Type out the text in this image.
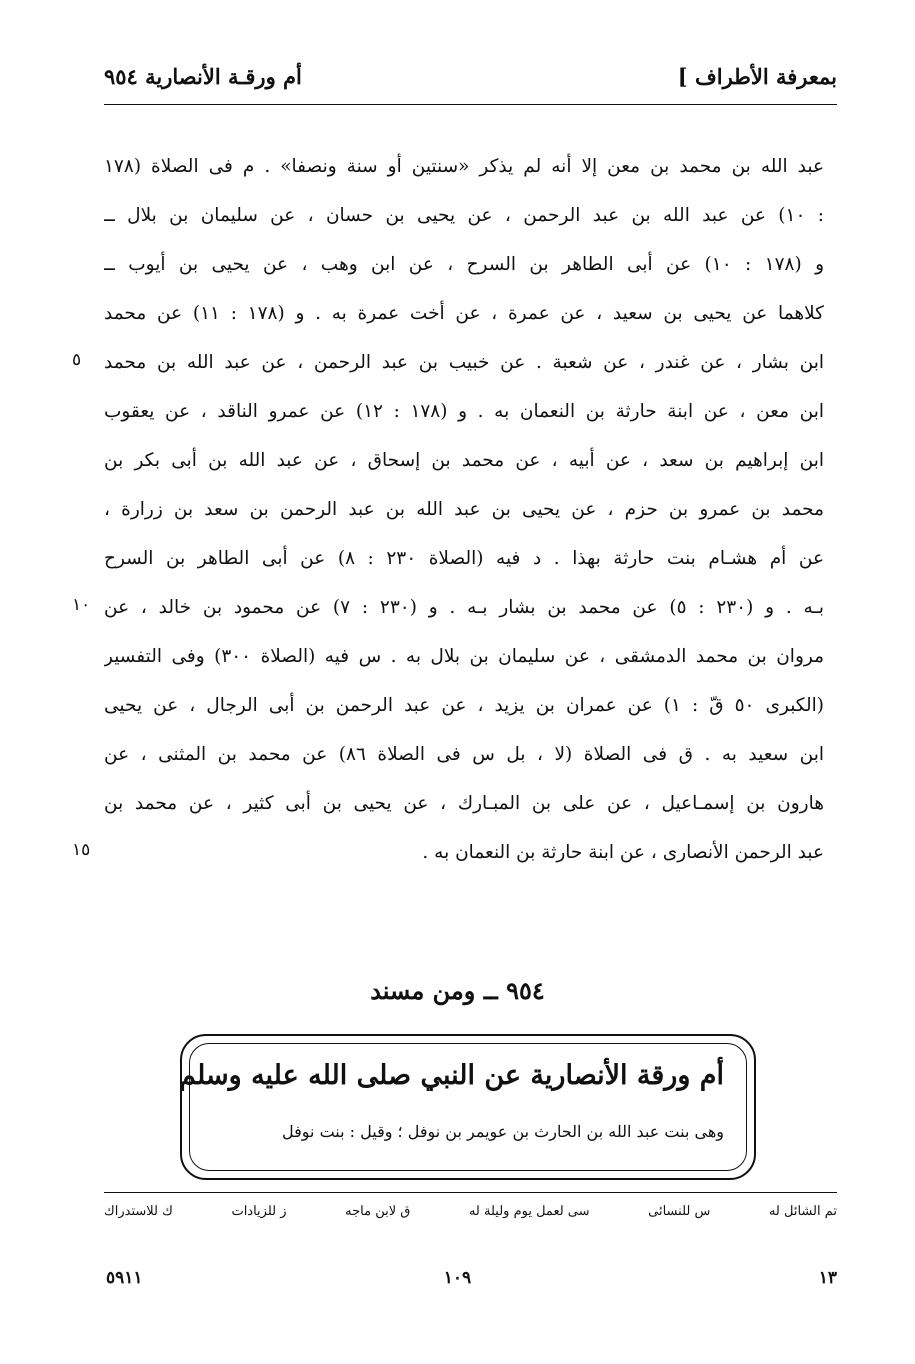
بمعرفة الأطراف ]
أم ورقـة الأنصارية ٩٥٤
عبد الله بن محمد بن معن إلا أنه لم يذكر «سنتين أو سنة ونصفا» . م فى الصلاة (١٧٨
: ١٠) عن عبد الله بن عبد الرحمن ، عن يحيى بن حسان ، عن سليمان بن بلال ــ
و (١٧٨ : ١٠) عن أبى الطاهر بن السرح ، عن ابن وهب ، عن يحيى بن أيوب ــ
كلاهما عن يحيى بن سعيد ، عن عمرة ، عن أخت عمرة به . و (١٧٨ : ١١) عن محمد
ابن بشار ، عن غندر ، عن شعبة . عن خبيب بن عبد الرحمن ، عن عبد الله بن محمد
ابن معن ، عن ابنة حارثة بن النعمان به . و (١٧٨ : ١٢) عن عمرو الناقد ، عن يعقوب
ابن إبراهيم بن سعد ، عن أبيه ، عن محمد بن إسحاق ، عن عبد الله بن أبى بكر بن
محمد بن عمرو بن حزم ، عن يحيى بن عبد الله بن عبد الرحمن بن سعد بن زرارة ،
عن أم هشـام بنت حارثة بهذا . د فيه (الصلاة ٢٣٠ : ٨) عن أبى الطاهر بن السرح
بـه . و (٢٣٠ : ٥) عن محمد بن بشار بـه . و (٢٣٠ : ٧) عن محمود بن خالد ، عن
مروان بن محمد الدمشقى ، عن سليمان بن بلال به . س فيه (الصلاة ٣٠٠) وفى التفسير
(الكبرى ٥٠ قّ : ١) عن عمران بن يزيد ، عن عبد الرحمن بن أبى الرجال ، عن يحيى
ابن سعيد به . ق فى الصلاة (لا ، بل س فى الصلاة ٨٦) عن محمد بن المثنى ، عن
هارون بن إسمـاعيل ، عن على بن المبـارك ، عن يحيى بن أبى كثير ، عن محمد بن
عبد الرحمن الأنصارى ، عن ابنة حارثة بن النعمان به .
٥
١٠
١٥
٩٥٤ ــ ومن مسند
أم ورقة الأنصارية عن النبي صلى الله عليه وسلم
وهى بنت عبد الله بن الحارث بن عويمر بن نوفل ؛ وقيل : بنت نوفل
تم الشائل له
س للنسائى
سى لعمل يوم وليلة له
ق لابن ماجه
ز للزيادات
ك للاستدراك
٥٩١١	١٠٩	١٣
